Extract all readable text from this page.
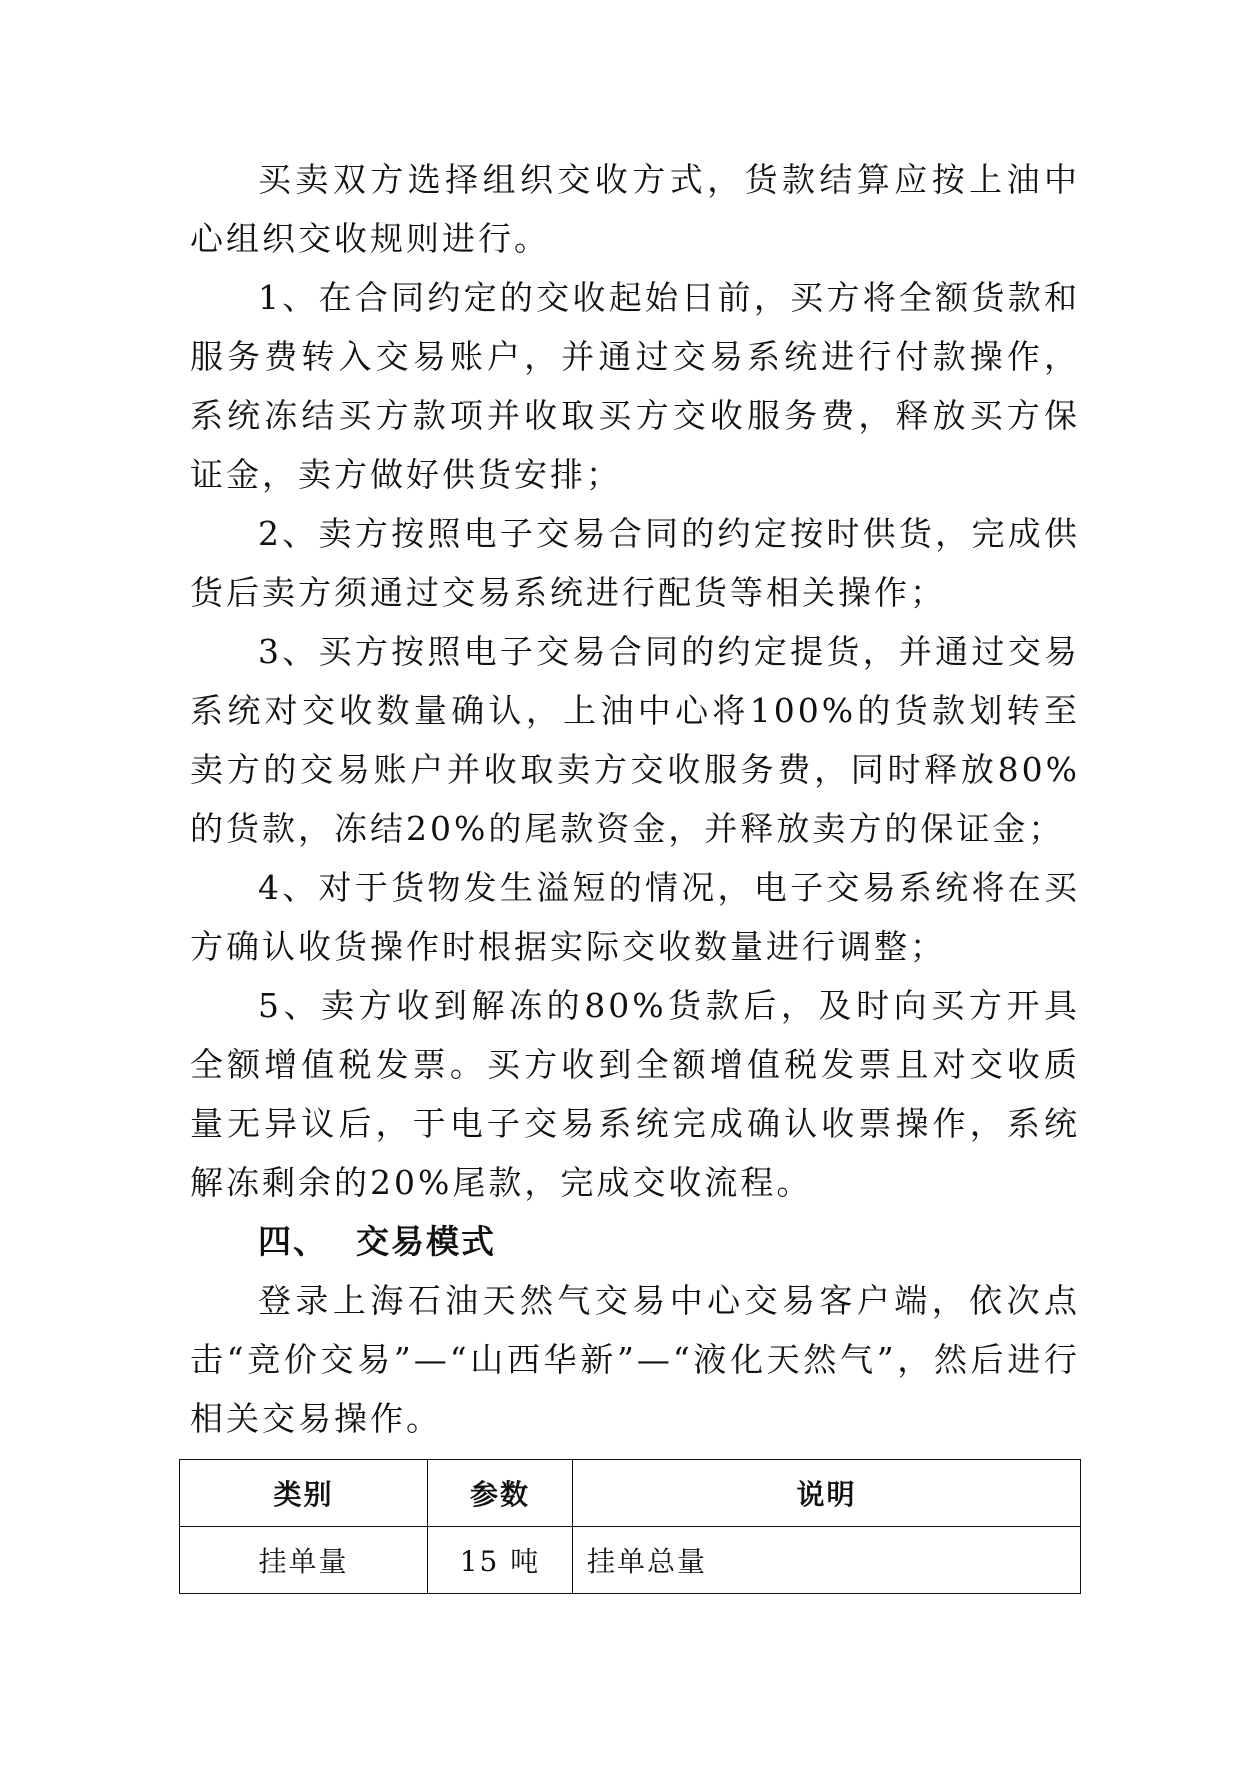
买卖双方选择组织交收方式，货款结算应按上油中心组织交收规则进行。

1、在合同约定的交收起始日前，买方将全额货款和服务费转入交易账户，并通过交易系统进行付款操作，系统冻结买方款项并收取买方交收服务费，释放买方保证金，卖方做好供货安排；

2、卖方按照电子交易合同的约定按时供货，完成供货后卖方须通过交易系统进行配货等相关操作；

3、买方按照电子交易合同的约定提货，并通过交易系统对交收数量确认，上油中心将100%的货款划转至卖方的交易账户并收取卖方交收服务费，同时释放80%的货款，冻结20%的尾款资金，并释放卖方的保证金；

4、对于货物发生溢短的情况，电子交易系统将在买方确认收货操作时根据实际交收数量进行调整；

5、卖方收到解冻的80%货款后，及时向买方开具全额增值税发票。买方收到全额增值税发票且对交收质量无异议后，于电子交易系统完成确认收票操作，系统解冻剩余的20%尾款，完成交收流程。

四、 交易模式

登录上海石油天然气交易中心交易客户端，依次点击“竞价交易”—“山西华新”—“液化天然气”，然后进行相关交易操作。

类别	参数	说明
挂单量	15 吨	挂单总量
